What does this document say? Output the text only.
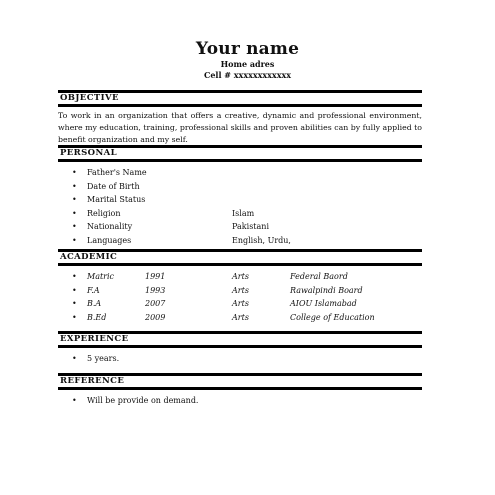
Your name
Home adres
Cell # xxxxxxxxxxxx
OBJECTIVE
To work in an organization that offers a creative, dynamic and professional environment, where my education, training, professional skills and proven abilities can by fully applied to benefit organization and my self.
PERSONAL
• Father's Name
• Date of Birth
• Marital Status
• Religion	Islam
• Nationality	Pakistani
• Languages	English, Urdu,
ACADEMIC
• Matric	1991	Arts	Federal Baord
• F.A	1993	Arts	Rawalpindi Board
• B.A	2007	Arts	AIOU Islamabad
• B.Ed	2009	Arts	College of Education
EXPERIENCE
• 5 years.
REFERENCE
• Will be provide on demand.
